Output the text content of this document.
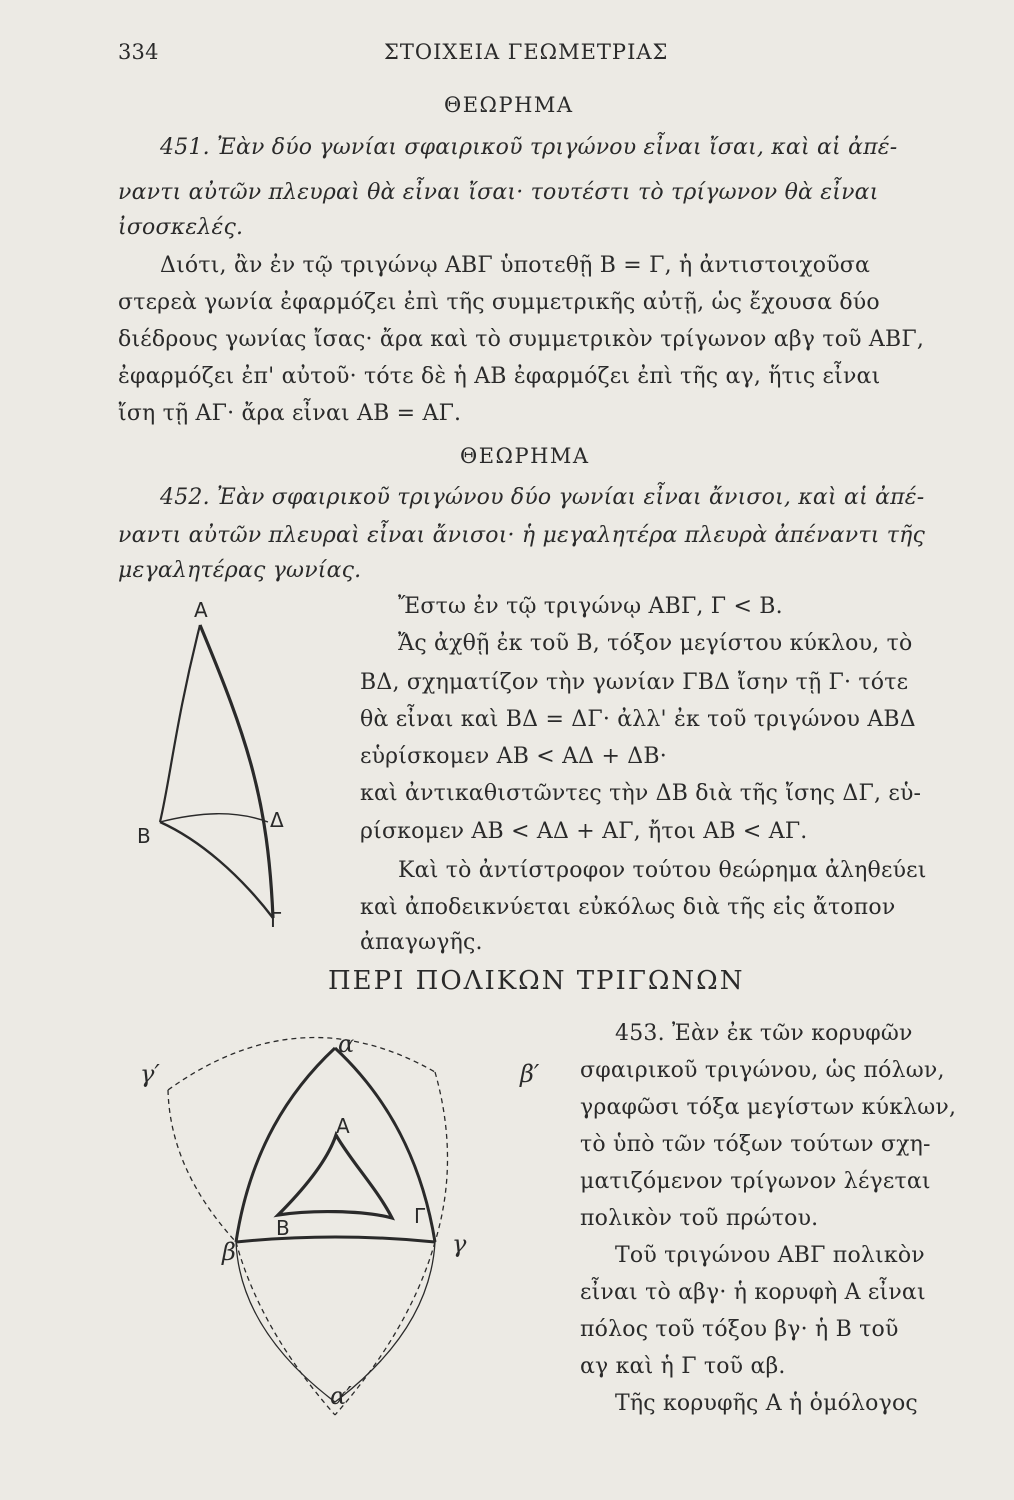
334	ΣΤΟΙΧΕΙΑ ΓΕΩΜΕΤΡΙΑΣ
ΘΕΩΡΗΜΑ
451. Ἐὰν δύο γωνίαι σφαιρικοῦ τριγώνου εἶναι ἴσαι, καὶ αἱ ἀπέ-
ναντι αὐτῶν πλευραὶ θὰ εἶναι ἴσαι· τουτέστι τὸ τρίγωνον θὰ εἶναι
ἰσοσκελές.
Διότι, ἂν ἐν τῷ τριγώνῳ ΑΒΓ ὑποτεθῇ Β = Γ, ἡ ἀντιστοιχοῦσα
στερεὰ γωνία ἐφαρμόζει ἐπὶ τῆς συμμετρικῆς αὐτῇ, ὡς ἔχουσα δύο
διέδρους γωνίας ἴσας· ἄρα καὶ τὸ συμμετρικὸν τρίγωνον αβγ τοῦ ΑΒΓ,
ἐφαρμόζει ἐπ' αὐτοῦ· τότε δὲ ἡ ΑΒ ἐφαρμόζει ἐπὶ τῆς αγ, ἥτις εἶναι
ἴση τῇ ΑΓ· ἄρα εἶναι ΑΒ = ΑΓ.
ΘΕΩΡΗΜΑ
452. Ἐὰν σφαιρικοῦ τριγώνου δύο γωνίαι εἶναι ἄνισοι, καὶ αἱ ἀπέ-
ναντι αὐτῶν πλευραὶ εἶναι ἄνισοι· ἡ μεγαλητέρα πλευρὰ ἀπέναντι τῆς
μεγαλητέρας γωνίας.
Ἔστω ἐν τῷ τριγώνῳ ΑΒΓ, Γ < Β.
Ἄς ἀχθῇ ἐκ τοῦ Β, τόξον μεγίστου κύκλου, τὸ
ΒΔ, σχηματίζον τὴν γωνίαν ΓΒΔ ἴσην τῇ Γ· τότε
θὰ εἶναι καὶ ΒΔ = ΔΓ· ἀλλ' ἐκ τοῦ τριγώνου ΑΒΔ
εὑρίσκομεν ΑΒ < ΑΔ + ΔΒ·
καὶ ἀντικαθιστῶντες τὴν ΔΒ διὰ τῆς ἴσης ΔΓ, εὑ-
ρίσκομεν ΑΒ < ΑΔ + ΑΓ, ἤτοι ΑΒ < ΑΓ.
Καὶ τὸ ἀντίστροφον τούτου θεώρημα ἀληθεύει
καὶ ἀποδεικνύεται εὐκόλως διὰ τῆς εἰς ἄτοπον
ἀπαγωγῆς.
Α
Β
Δ
Γ
ΠΕΡΙ ΠΟΛΙΚΩΝ ΤΡΙΓΩΝΩΝ
453. Ἐὰν ἐκ τῶν κορυφῶν
σφαιρικοῦ τριγώνου, ὡς πόλων,
γραφῶσι τόξα μεγίστων κύκλων,
τὸ ὑπὸ τῶν τόξων τούτων σχη-
ματιζόμενον τρίγωνον λέγεται
πολικὸν τοῦ πρώτου.
Τοῦ τριγώνου ΑΒΓ πολικὸν
εἶναι τὸ αβγ· ἡ κορυφὴ Α εἶναι
πόλος τοῦ τόξου βγ· ἡ Β τοῦ
αγ καὶ ἡ Γ τοῦ αβ.
Τῆς κορυφῆς Α ἡ ὁμόλογος
α
γ′	β′
Α
Β	Γ
β	γ
α′
